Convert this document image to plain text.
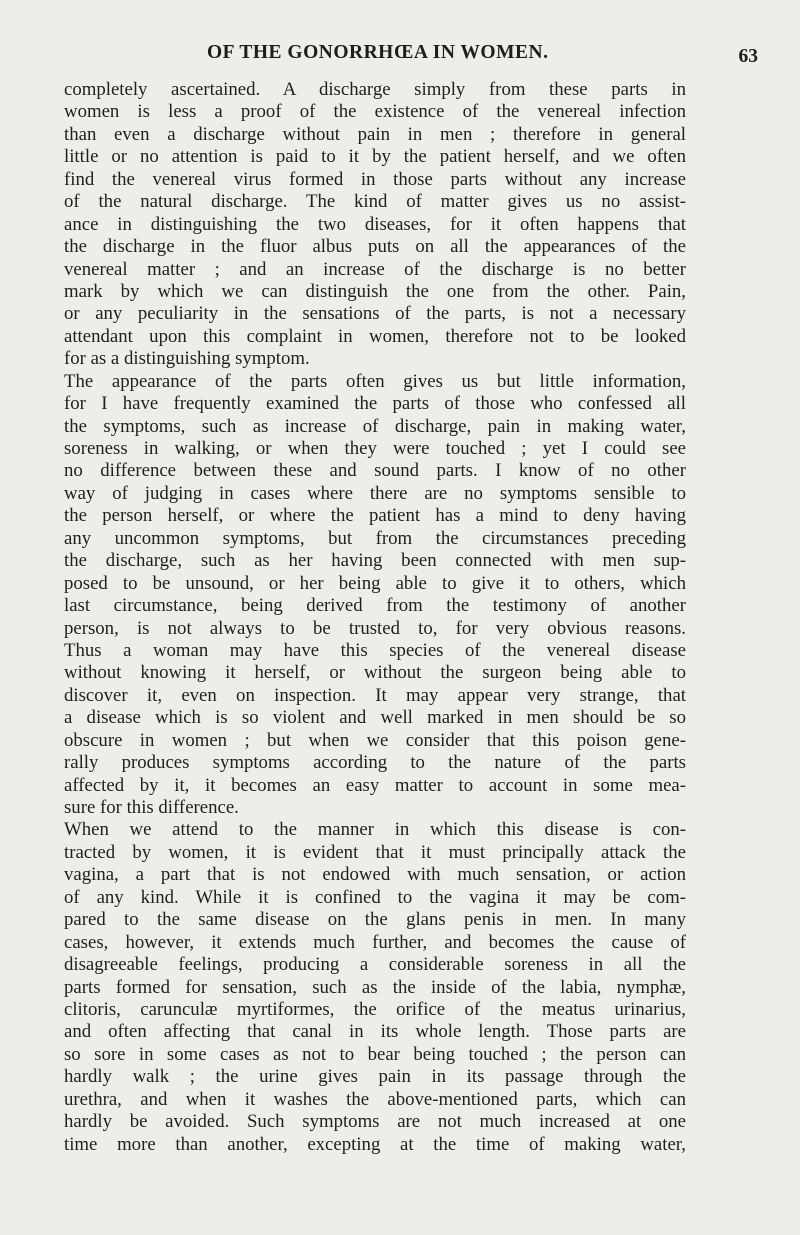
OF THE GONORRHŒA IN WOMEN.	63
completely ascertained. A discharge simply from these parts in
women is less a proof of the existence of the venereal infection
than even a discharge without pain in men ; therefore in general
little or no attention is paid to it by the patient herself, and we often
find the venereal virus formed in those parts without any increase
of the natural discharge. The kind of matter gives us no assist-
ance in distinguishing the two diseases, for it often happens that
the discharge in the fluor albus puts on all the appearances of the
venereal matter ; and an increase of the discharge is no better
mark by which we can distinguish the one from the other. Pain,
or any peculiarity in the sensations of the parts, is not a necessary
attendant upon this complaint in women, therefore not to be looked
for as a distinguishing symptom.
The appearance of the parts often gives us but little information,
for I have frequently examined the parts of those who confessed all
the symptoms, such as increase of discharge, pain in making water,
soreness in walking, or when they were touched ; yet I could see
no difference between these and sound parts. I know of no other
way of judging in cases where there are no symptoms sensible to
the person herself, or where the patient has a mind to deny having
any uncommon symptoms, but from the circumstances preceding
the discharge, such as her having been connected with men sup-
posed to be unsound, or her being able to give it to others, which
last circumstance, being derived from the testimony of another
person, is not always to be trusted to, for very obvious reasons.
Thus a woman may have this species of the venereal disease
without knowing it herself, or without the surgeon being able to
discover it, even on inspection. It may appear very strange, that
a disease which is so violent and well marked in men should be so
obscure in women ; but when we consider that this poison gene-
rally produces symptoms according to the nature of the parts
affected by it, it becomes an easy matter to account in some mea-
sure for this difference.
When we attend to the manner in which this disease is con-
tracted by women, it is evident that it must principally attack the
vagina, a part that is not endowed with much sensation, or action
of any kind. While it is confined to the vagina it may be com-
pared to the same disease on the glans penis in men. In many
cases, however, it extends much further, and becomes the cause of
disagreeable feelings, producing a considerable soreness in all the
parts formed for sensation, such as the inside of the labia, nymphæ,
clitoris, carunculæ myrtiformes, the orifice of the meatus urinarius,
and often affecting that canal in its whole length. Those parts are
so sore in some cases as not to bear being touched ; the person can
hardly walk ; the urine gives pain in its passage through the
urethra, and when it washes the above-mentioned parts, which can
hardly be avoided. Such symptoms are not much increased at one
time more than another, excepting at the time of making water,
